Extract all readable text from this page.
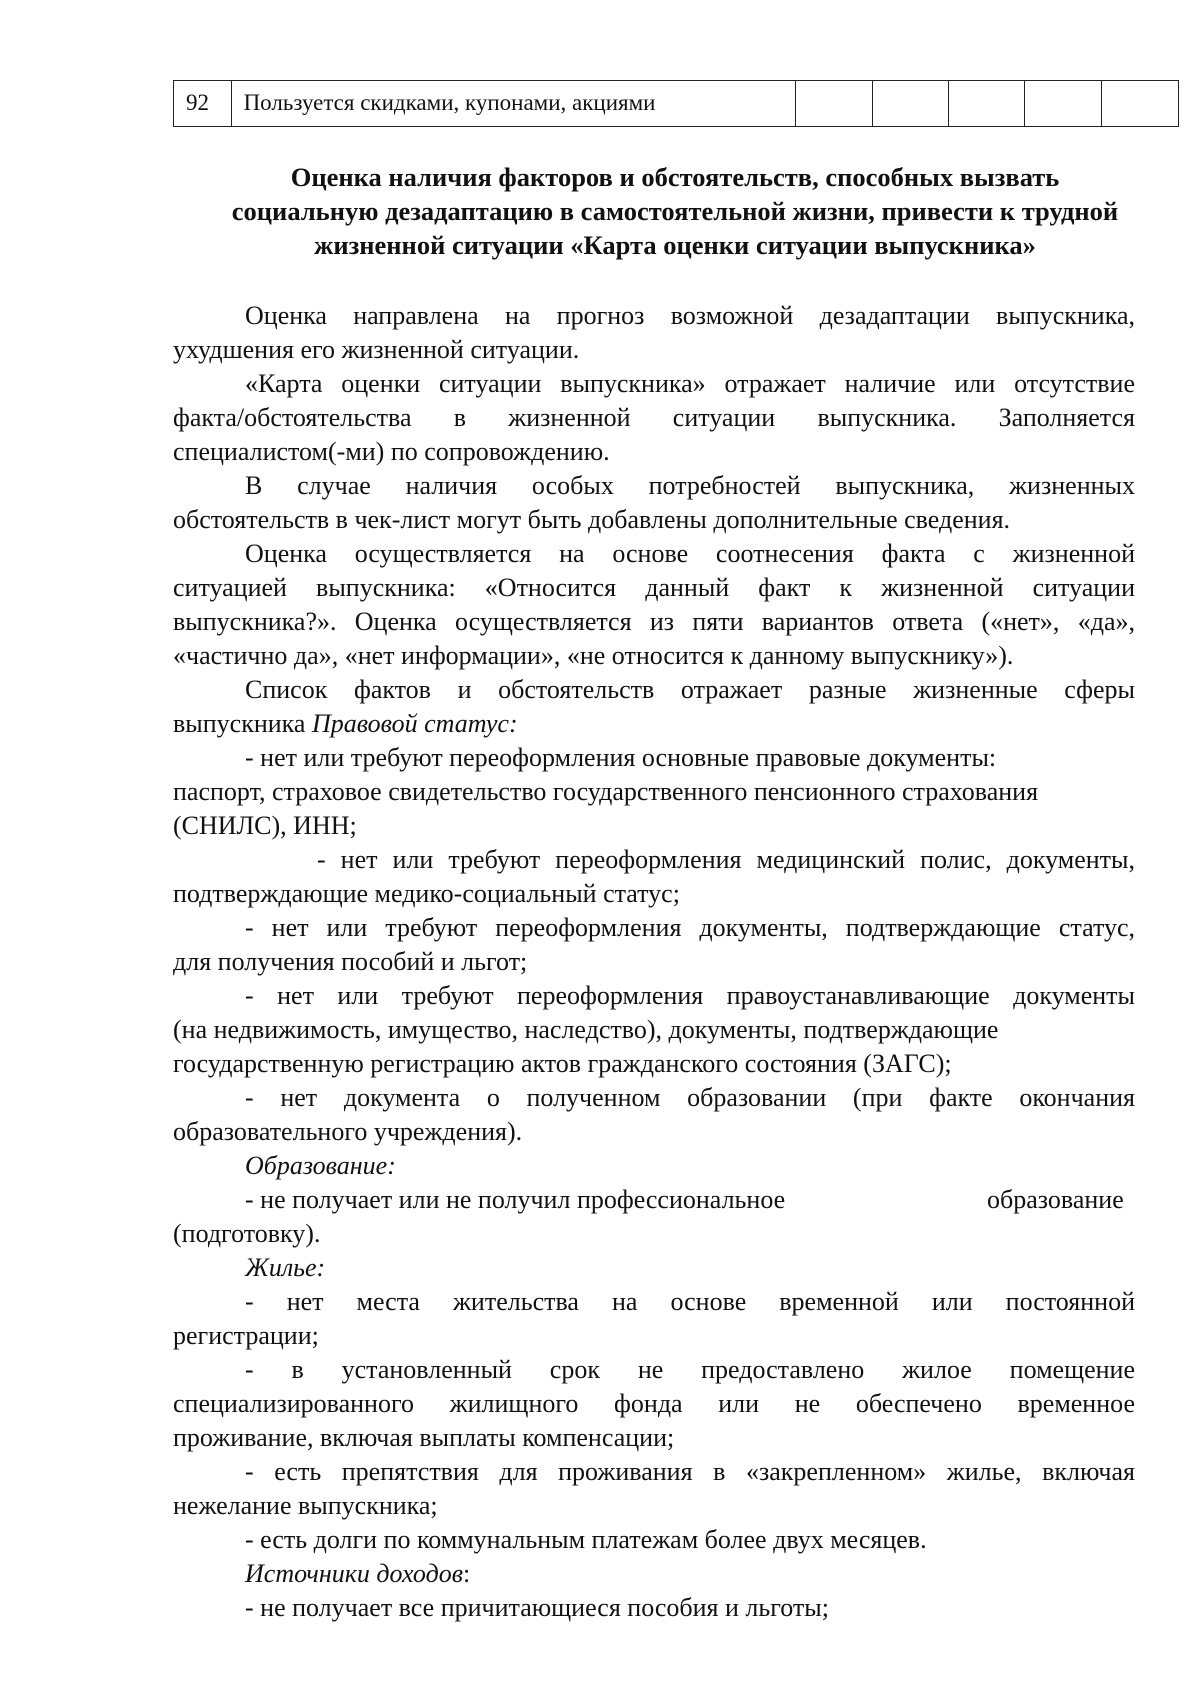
92	Пользуется скидками, купонами, акциями
Оценка наличия факторов и обстоятельств, способных вызвать
социальную дезадаптацию в самостоятельной жизни, привести к трудной
жизненной ситуации «Карта оценки ситуации выпускника»
Оценка направлена на прогноз возможной дезадаптации выпускника,
ухудшения его жизненной ситуации.
«Карта оценки ситуации выпускника» отражает наличие или отсутствие
факта/обстоятельства в жизненной ситуации выпускника. Заполняется
специалистом(-ми) по сопровождению.
В случае наличия особых потребностей выпускника, жизненных
обстоятельств в чек-лист могут быть добавлены дополнительные сведения.
Оценка осуществляется на основе соотнесения факта с жизненной
ситуацией выпускника: «Относится данный факт к жизненной ситуации
выпускника?». Оценка осуществляется из пяти вариантов ответа («нет», «да»,
«частично да», «нет информации», «не относится к данному выпускнику»).
Список фактов и обстоятельств отражает разные жизненные сферы
выпускника Правовой статус:
- нет или требуют переоформления основные правовые документы:
паспорт, страховое свидетельство государственного пенсионного страхования
(СНИЛС), ИНН;
- нет или требуют переоформления медицинский полис, документы,
подтверждающие медико-социальный статус;
- нет или требуют переоформления документы, подтверждающие статус,
для получения пособий и льгот;
- нет или требуют переоформления правоустанавливающие документы
(на недвижимость, имущество, наследство), документы, подтверждающие
государственную регистрацию актов гражданского состояния (ЗАГС);
- нет документа о полученном образовании (при факте окончания
образовательного учреждения).
Образование:
- не получает или не получил профессиональное	образование
(подготовку).
Жилье:
- нет места жительства на основе временной или постоянной
регистрации;
- в установленный срок не предоставлено жилое помещение
специализированного жилищного фонда или не обеспечено временное
проживание, включая выплаты компенсации;
- есть препятствия для проживания в «закрепленном» жилье, включая
нежелание выпускника;
- есть долги по коммунальным платежам более двух месяцев.
Источники доходов:
- не получает все причитающиеся пособия и льготы;
